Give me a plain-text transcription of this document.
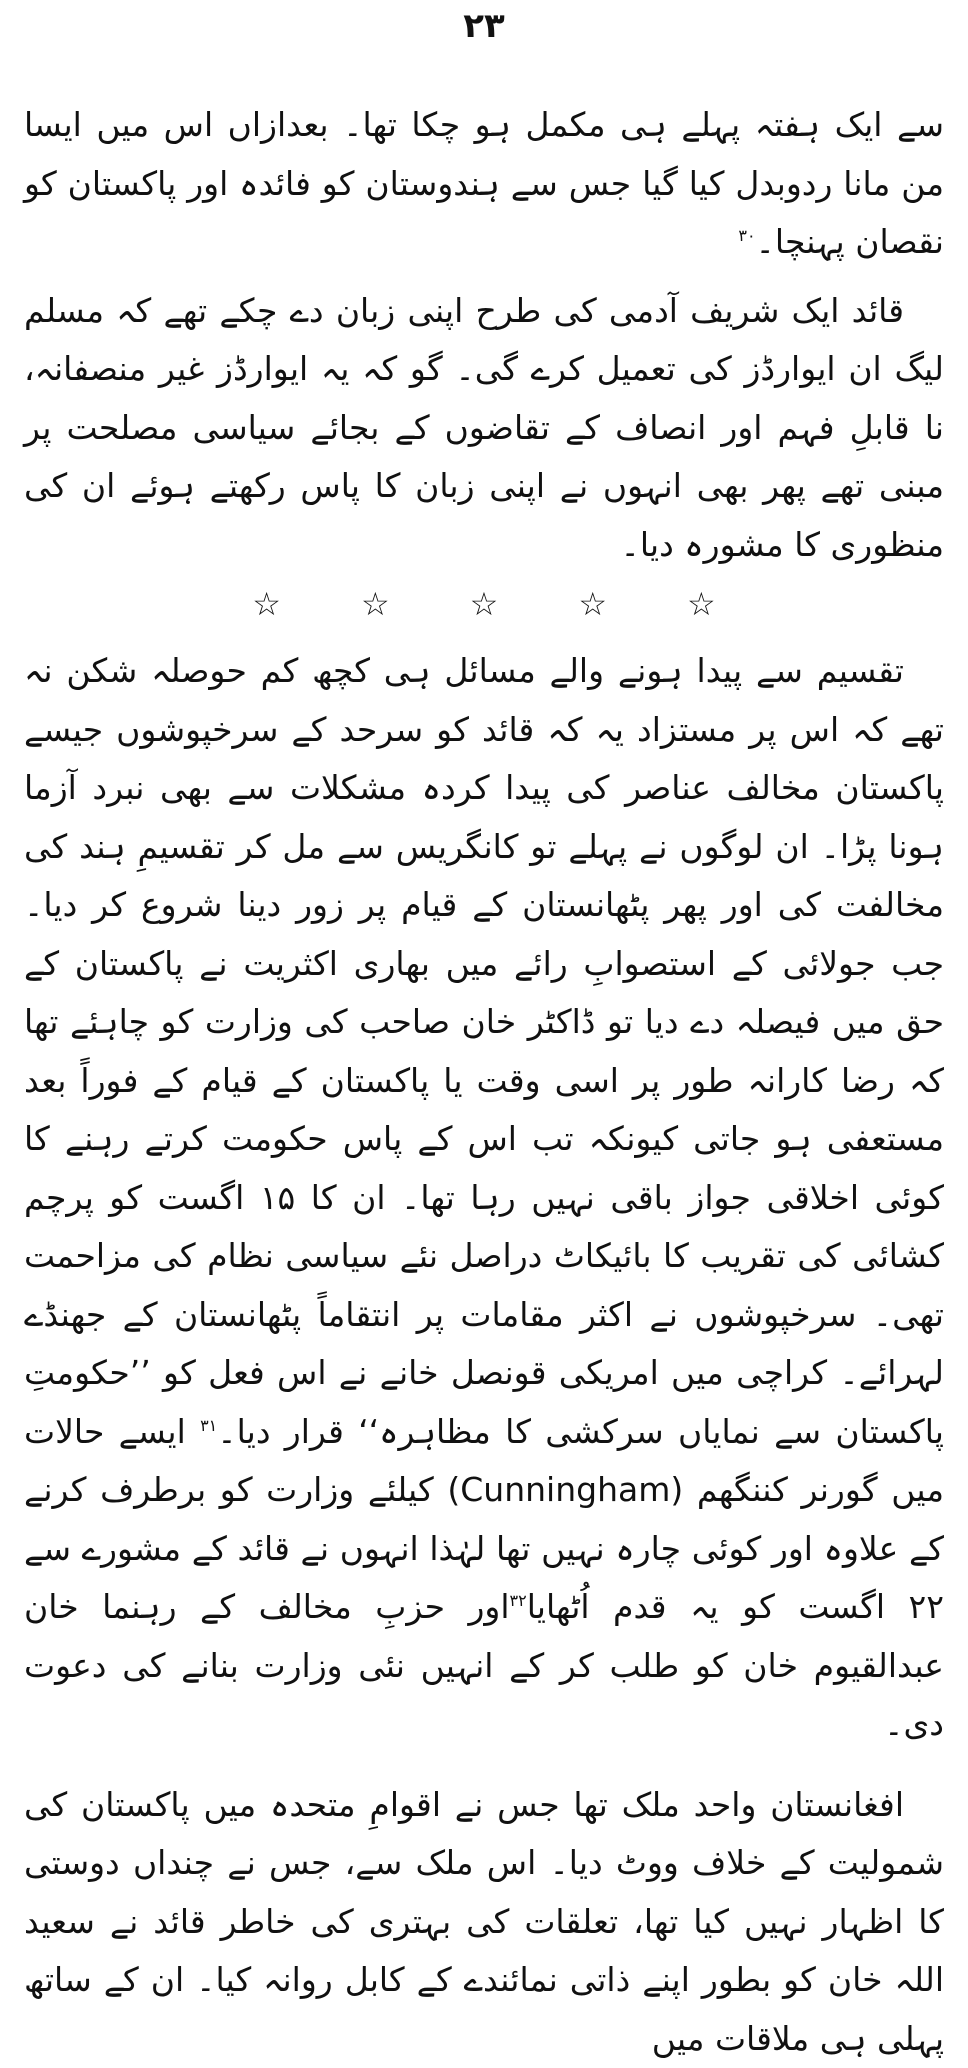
۲۳

سے ایک ہفتہ پہلے ہی مکمل ہو چکا تھا۔ بعدازاں اس میں ایسا من مانا ردوبدل کیا گیا جس سے ہندوستان کو فائدہ اور پاکستان کو نقصان پہنچا۔$^{۳۰}$

قائد ایک شریف آدمی کی طرح اپنی زبان دے چکے تھے کہ مسلم لیگ ان ایوارڈز کی تعمیل کرے گی۔ گو کہ یہ ایوارڈز غیر منصفانہ، نا قابلِ فہم اور انصاف کے تقاضوں کے بجائے سیاسی مصلحت پر مبنی تھے پھر بھی انہوں نے اپنی زبان کا پاس رکھتے ہوئے ان کی منظوری کا مشورہ دیا۔

☆	☆	☆	☆	☆

تقسیم سے پیدا ہونے والے مسائل ہی کچھ کم حوصلہ شکن نہ تھے کہ اس پر مستزاد یہ کہ قائد کو سرحد کے سرخپوشوں جیسے پاکستان مخالف عناصر کی پیدا کردہ مشکلات سے بھی نبرد آزما ہونا پڑا۔ ان لوگوں نے پہلے تو کانگریس سے مل کر تقسیمِ ہند کی مخالفت کی اور پھر پٹھانستان کے قیام پر زور دینا شروع کر دیا۔ جب جولائی کے استصوابِ رائے میں بھاری اکثریت نے پاکستان کے حق میں فیصلہ دے دیا تو ڈاکٹر خان صاحب کی وزارت کو چاہئے تھا کہ رضا کارانہ طور پر اسی وقت یا پاکستان کے قیام کے فوراً بعد مستعفی ہو جاتی کیونکہ تب اس کے پاس حکومت کرتے رہنے کا کوئی اخلاقی جواز باقی نہیں رہا تھا۔ ان کا ۱۵ اگست کو پرچم کشائی کی تقریب کا بائیکاٹ دراصل نئے سیاسی نظام کی مزاحمت تھی۔ سرخپوشوں نے اکثر مقامات پر انتقاماً پٹھانستان کے جھنڈے لہرائے۔ کراچی میں امریکی قونصل خانے نے اس فعل کو ’’حکومتِ پاکستان سے نمایاں سرکشی کا مظاہرہ‘‘ قرار دیا۔$^{۳۱}$ ایسے حالات میں گورنر کننگھم (Cunningham) کیلئے وزارت کو برطرف کرنے کے علاوہ اور کوئی چارہ نہیں تھا لہٰذا انہوں نے قائد کے مشورے سے ۲۲ اگست کو یہ قدم اُٹھایا$^{۳۲}$اور حزبِ مخالف کے رہنما خان عبدالقیوم خان کو طلب کر کے انہیں نئی وزارت بنانے کی دعوت دی۔

افغانستان واحد ملک تھا جس نے اقوامِ متحدہ میں پاکستان کی شمولیت کے خلاف ووٹ دیا۔ اس ملک سے، جس نے چنداں دوستی کا اظہار نہیں کیا تھا، تعلقات کی بہتری کی خاطر قائد نے سعید اللہ خان کو بطور اپنے ذاتی نمائندے کے کابل روانہ کیا۔ ان کے ساتھ پہلی ہی ملاقات میں
